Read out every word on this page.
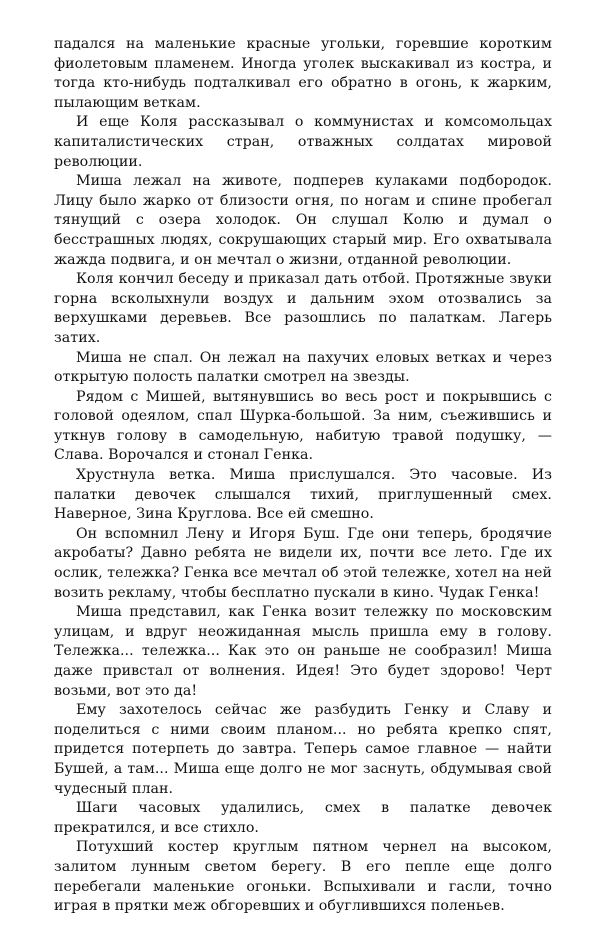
падался на маленькие красные угольки, горевшие коротким фиолетовым пламенем. Иногда уголек выскакивал из костра, и тогда кто-нибудь подталкивал его обратно в огонь, к жарким, пылающим веткам.

И еще Коля рассказывал о коммунистах и комсомольцах капиталистических стран, отважных солдатах мировой революции.

Миша лежал на животе, подперев кулаками подбородок. Лицу было жарко от близости огня, по ногам и спине пробегал тянущий с озера холодок. Он слушал Колю и думал о бесстрашных людях, сокрушающих старый мир. Его охватывала жажда подвига, и он мечтал о жизни, отданной революции.

Коля кончил беседу и приказал дать отбой. Протяжные звуки горна всколыхнули воздух и дальним эхом отозвались за верхушками деревьев. Все разошлись по палаткам. Лагерь затих.

Миша не спал. Он лежал на пахучих еловых ветках и через открытую полость палатки смотрел на звезды.

Рядом с Мишей, вытянувшись во весь рост и покрывшись с головой одеялом, спал Шурка-большой. За ним, съежившись и уткнув голову в самодельную, набитую травой подушку, — Слава. Ворочался и стонал Генка.

Хрустнула ветка. Миша прислушался. Это часовые. Из палатки девочек слышался тихий, приглушенный смех. Наверное, Зина Круглова. Все ей смешно.

Он вспомнил Лену и Игоря Буш. Где они теперь, бродячие акробаты? Давно ребята не видели их, почти все лето. Где их ослик, тележка? Генка все мечтал об этой тележке, хотел на ней возить рекламу, чтобы бесплатно пускали в кино. Чудак Генка!

Миша представил, как Генка возит тележку по московским улицам, и вдруг неожиданная мысль пришла ему в голову. Тележка... тележка... Как это он раньше не сообразил! Миша даже привстал от волнения. Идея! Это будет здорово! Черт возьми, вот это да!

Ему захотелось сейчас же разбудить Генку и Славу и поделиться с ними своим планом... но ребята крепко спят, придется потерпеть до завтра. Теперь самое главное — найти Бушей, а там... Миша еще долго не мог заснуть, обдумывая свой чудесный план.

Шаги часовых удалились, смех в палатке девочек прекратился, и все стихло.

Потухший костер круглым пятном чернел на высоком, залитом лунным светом берегу. В его пепле еще долго перебегали маленькие огоньки. Вспыхивали и гасли, точно играя в прятки меж обгоревших и обуглившихся поленьев.
